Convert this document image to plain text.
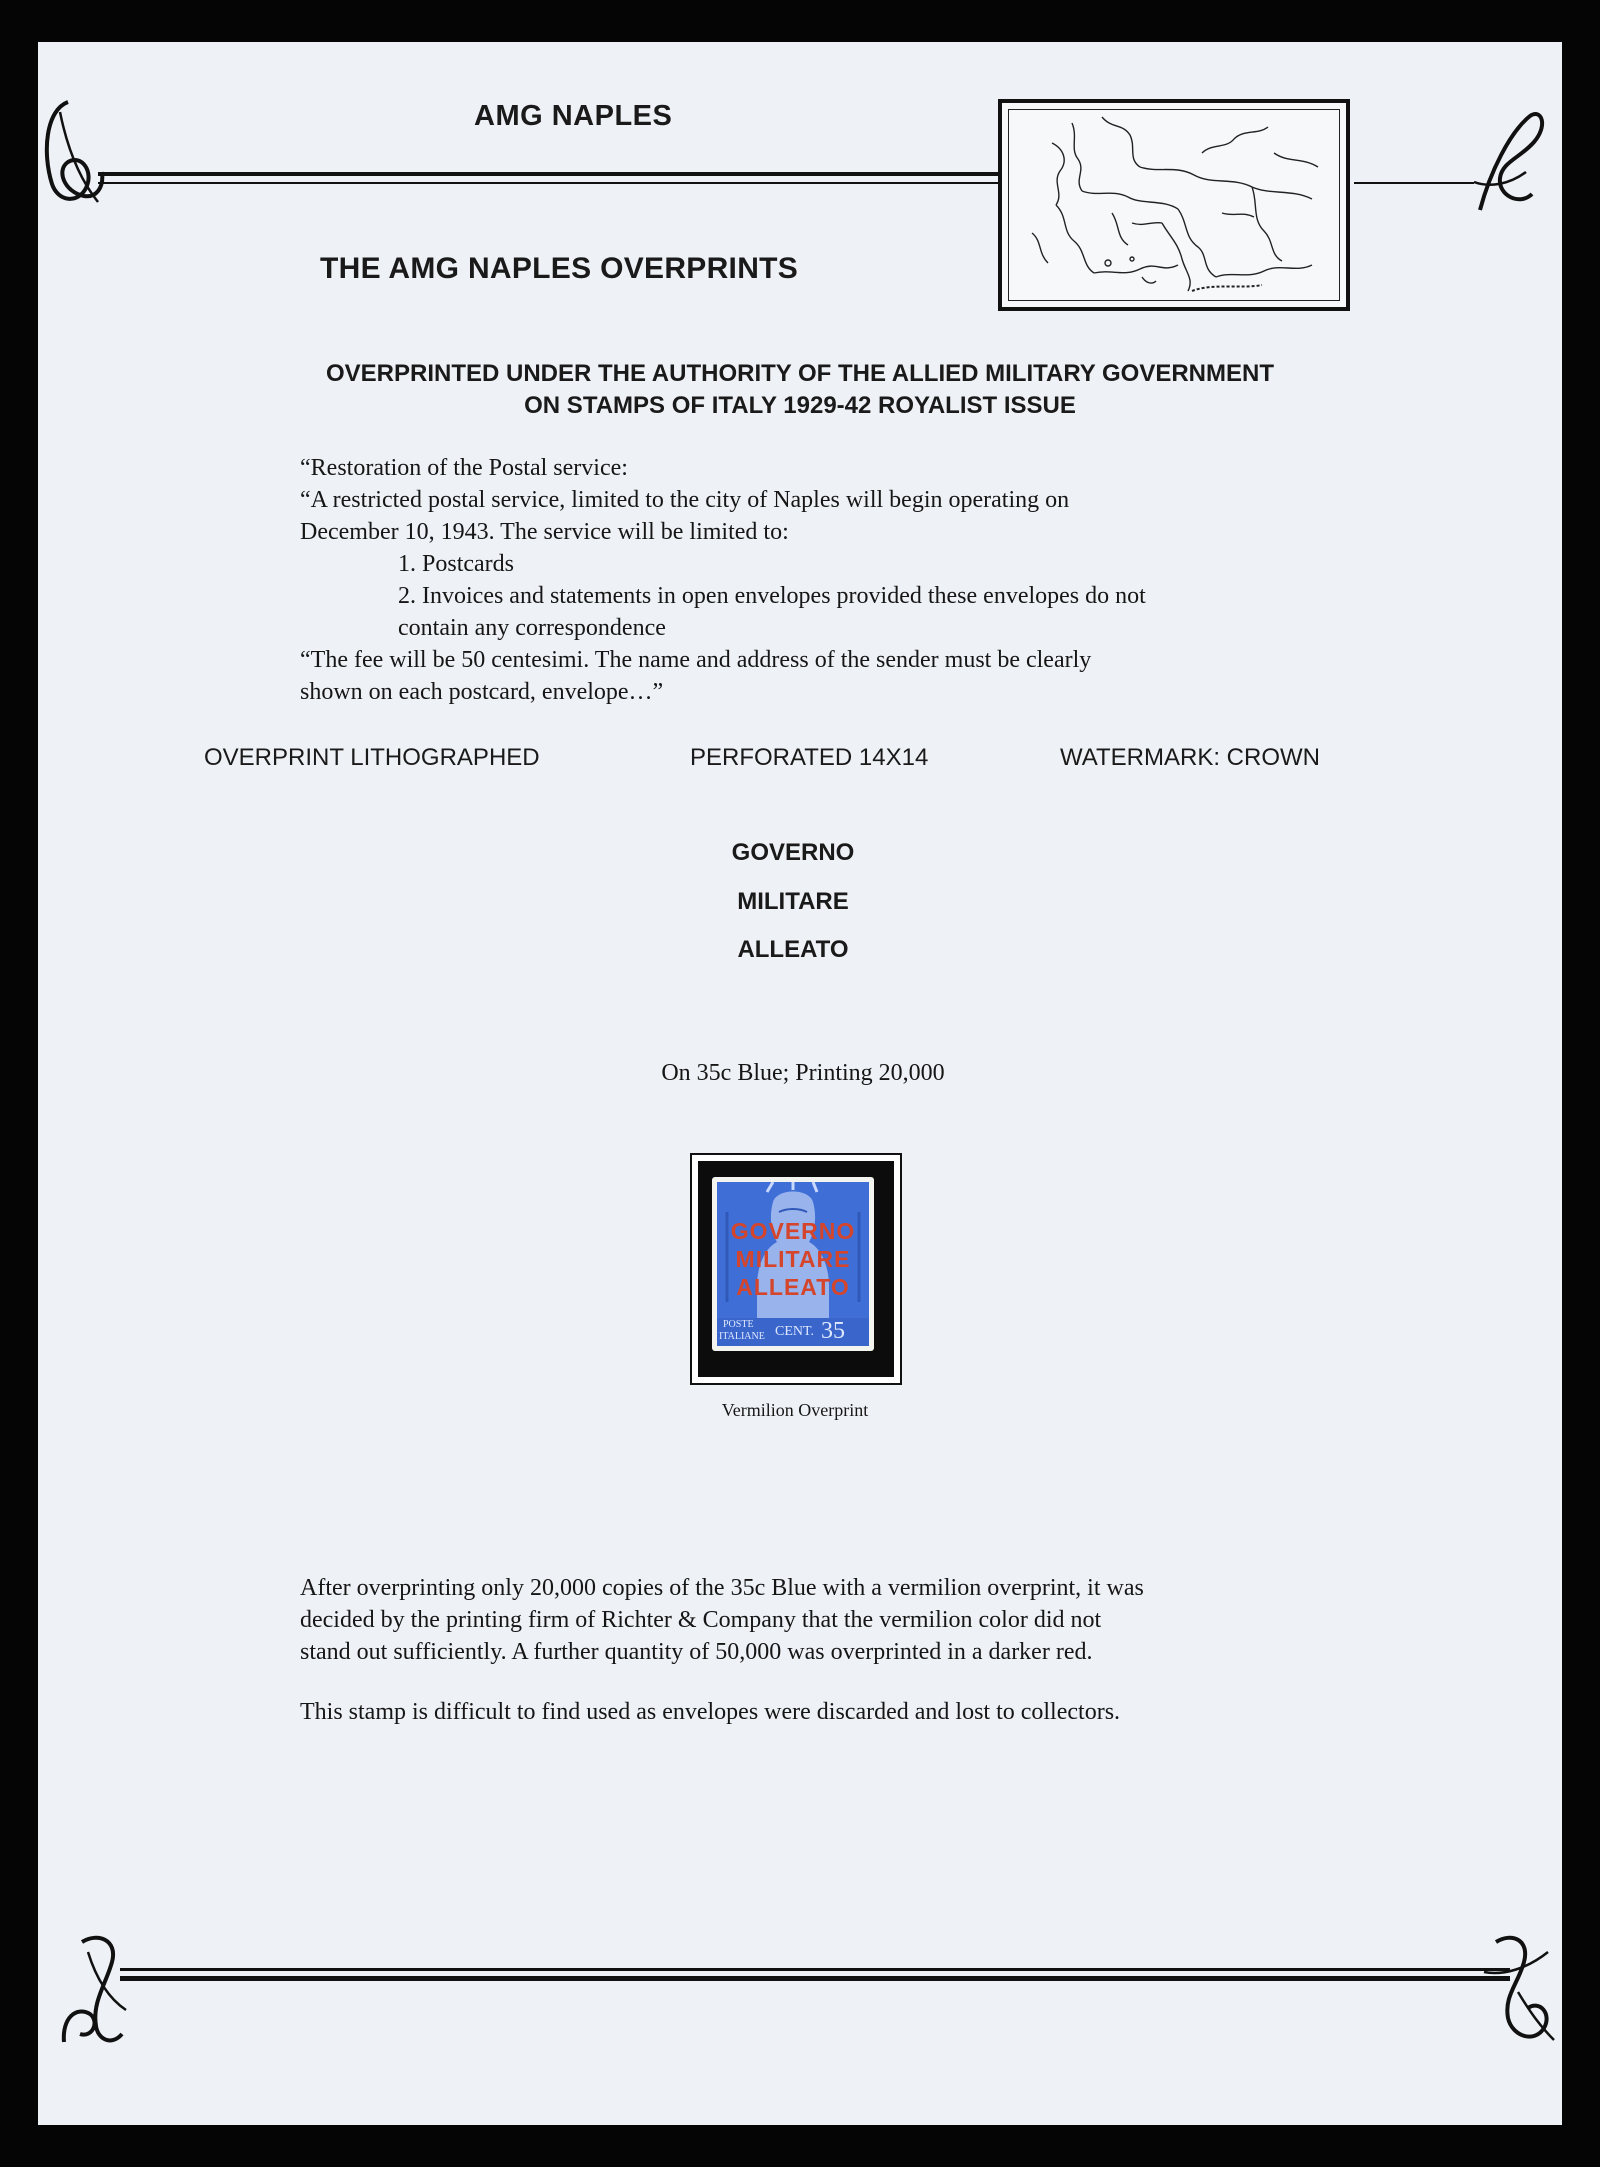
AMG NAPLES
THE AMG NAPLES OVERPRINTS
OVERPRINTED UNDER THE AUTHORITY OF THE ALLIED MILITARY GOVERNMENT
ON STAMPS OF ITALY 1929-42 ROYALIST ISSUE

“Restoration of the Postal service:

“A restricted postal service, limited to the city of Naples will begin operating on

December 10, 1943. The service will be limited to:

1. Postcards

2. Invoices and statements in open envelopes provided these envelopes do not

contain any correspondence

“The fee will be 50 centesimi. The name and address of the sender must be clearly

shown on each postcard, envelope…”

OVERPRINT LITHOGRAPHED	PERFORATED 14X14	WATERMARK: CROWN
GOVERNO
MILITARE
ALLEATO
On 35c Blue; Printing 20,000
GOVERNO
MILITARE
ALLEATO
POSTE
ITALIANE CENT. 35
Vermilion Overprint

After overprinting only 20,000 copies of the 35c Blue with a vermilion overprint, it was

decided by the printing firm of Richter & Company that the vermilion color did not

stand out sufficiently. A further quantity of 50,000 was overprinted in a darker red.

This stamp is difficult to find used as envelopes were discarded and lost to collectors.
